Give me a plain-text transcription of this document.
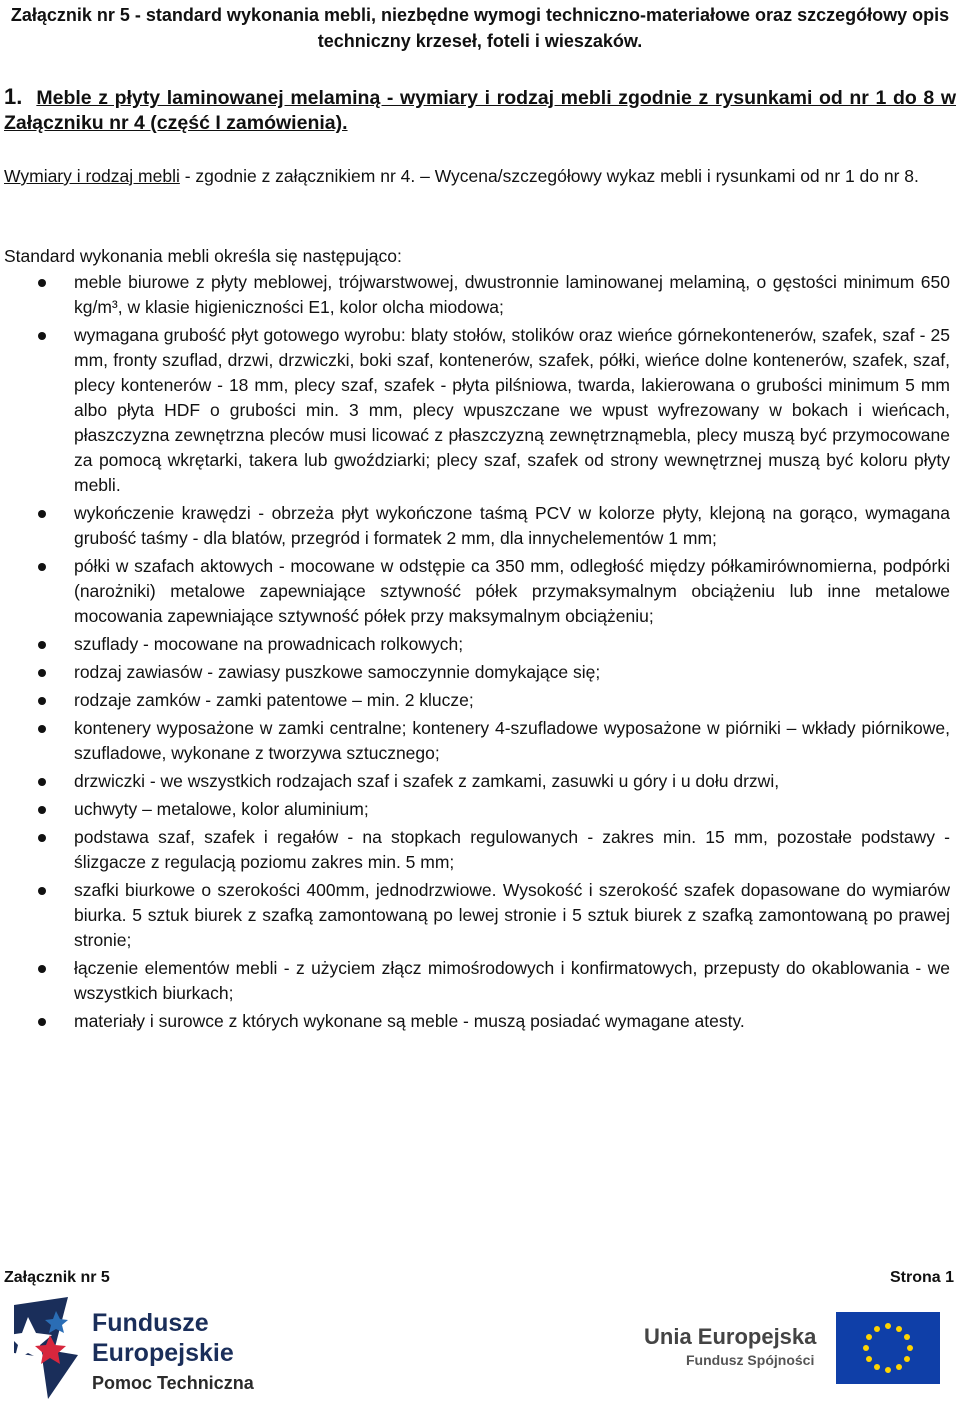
Załącznik nr 5 - standard wykonania mebli, niezbędne wymogi techniczno-materiałowe oraz szczegółowy opis techniczny krzeseł, foteli i wieszaków.
1. Meble z płyty laminowanej melaminą - wymiary i rodzaj mebli zgodnie z rysunkami od nr 1 do 8 w Załączniku nr 4 (część I zamówienia).

Wymiary i rodzaj mebli - zgodnie z załącznikiem nr 4. – Wycena/szczegółowy wykaz mebli i rysunkami od nr 1 do nr 8.

Standard wykonania mebli określa się następująco:

meble biurowe z płyty meblowej, trójwarstwowej, dwustronnie laminowanej melaminą, o gęstości minimum 650 kg/m³, w klasie higieniczności E1, kolor olcha miodowa;
wymagana grubość płyt gotowego wyrobu: blaty stołów, stolików oraz wieńce górnekontenerów, szafek, szaf - 25 mm, fronty szuflad, drzwi, drzwiczki, boki szaf, kontenerów, szafek, półki, wieńce dolne kontenerów, szafek, szaf, plecy kontenerów - 18 mm, plecy szaf, szafek - płyta pilśniowa, twarda, lakierowana o grubości minimum 5 mm albo płyta HDF o grubości min. 3 mm, plecy wpuszczane we wpust wyfrezowany w bokach i wieńcach, płaszczyzna zewnętrzna pleców musi licować z płaszczyzną zewnętrznąmebla, plecy muszą być przymocowane za pomocą wkrętarki, takera lub gwoździarki; plecy szaf, szafek od strony wewnętrznej muszą być koloru płyty mebli.
wykończenie krawędzi - obrzeża płyt wykończone taśmą PCV w kolorze płyty, klejoną na gorąco, wymagana grubość taśmy - dla blatów, przegród i formatek 2 mm, dla innychelementów 1 mm;
półki w szafach aktowych - mocowane w odstępie ca 350 mm, odległość między półkamirównomierna, podpórki (narożniki) metalowe zapewniające sztywność półek przymaksymalnym obciążeniu lub inne metalowe mocowania zapewniające sztywność półek przy maksymalnym obciążeniu;
szuflady - mocowane na prowadnicach rolkowych;
rodzaj zawiasów - zawiasy puszkowe samoczynnie domykające się;
rodzaje zamków - zamki patentowe – min. 2 klucze;
kontenery wyposażone w zamki centralne; kontenery 4-szufladowe wyposażone w piórniki – wkłady piórnikowe, szufladowe, wykonane z tworzywa sztucznego;
drzwiczki - we wszystkich rodzajach szaf i szafek z zamkami, zasuwki u góry i u dołu drzwi,
uchwyty – metalowe, kolor aluminium;
podstawa szaf, szafek i regałów - na stopkach regulowanych - zakres min. 15 mm, pozostałe podstawy - ślizgacze z regulacją poziomu zakres min. 5 mm;
szafki biurkowe o szerokości 400mm, jednodrzwiowe. Wysokość i szerokość szafek dopasowane do wymiarów biurka. 5 sztuk biurek z szafką zamontowaną po lewej stronie i 5 sztuk biurek z szafką zamontowaną po prawej stronie;
łączenie elementów mebli - z użyciem złącz mimośrodowych i konfirmatowych, przepusty do okablowania - we wszystkich biurkach;
materiały i surowce z których wykonane są meble - muszą posiadać wymagane atesty.
Załącznik nr 5	Strona 1
Fundusze
Europejskie
Pomoc Techniczna
Unia Europejska
Fundusz Spójności
